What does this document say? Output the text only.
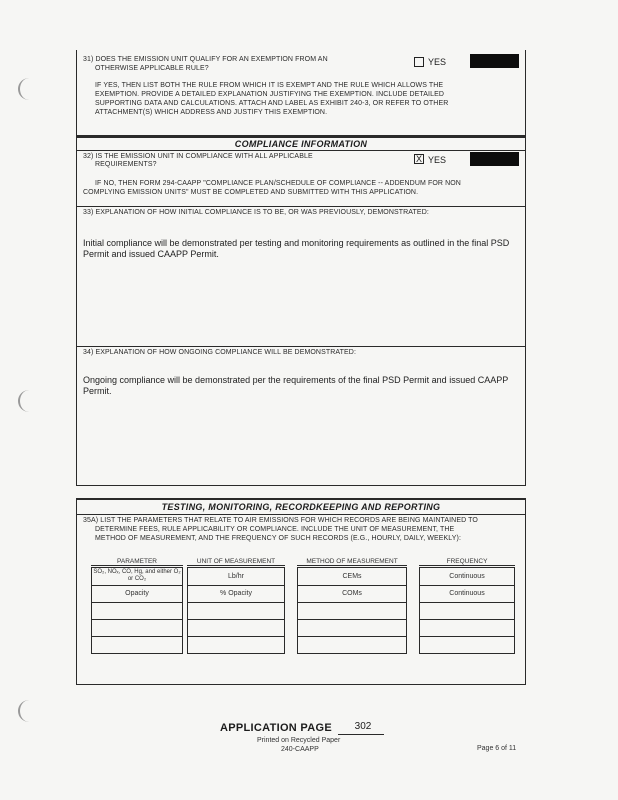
31) DOES THE EMISSION UNIT QUALIFY FOR AN EXEMPTION FROM AN
OTHERWISE APPLICABLE RULE?
YES
IF YES, THEN LIST BOTH THE RULE FROM WHICH IT IS EXEMPT AND THE RULE WHICH ALLOWS THE
EXEMPTION. PROVIDE A DETAILED EXPLANATION JUSTIFYING THE EXEMPTION. INCLUDE DETAILED
SUPPORTING DATA AND CALCULATIONS. ATTACH AND LABEL AS EXHIBIT 240-3, OR REFER TO OTHER
ATTACHMENT(S) WHICH ADDRESS AND JUSTIFY THIS EXEMPTION.
COMPLIANCE INFORMATION
32) IS THE EMISSION UNIT IN COMPLIANCE WITH ALL APPLICABLE
REQUIREMENTS?
X YES
IF NO, THEN FORM 294-CAAPP "COMPLIANCE PLAN/SCHEDULE OF COMPLIANCE -- ADDENDUM FOR NON
COMPLYING EMISSION UNITS" MUST BE COMPLETED AND SUBMITTED WITH THIS APPLICATION.
33) EXPLANATION OF HOW INITIAL COMPLIANCE IS TO BE, OR WAS PREVIOUSLY, DEMONSTRATED:
Initial compliance will be demonstrated per testing and monitoring requirements as outlined in the final PSD Permit and issued CAAPP Permit.
34) EXPLANATION OF HOW ONGOING COMPLIANCE WILL BE DEMONSTRATED:
Ongoing compliance will be demonstrated per the requirements of the final PSD Permit and issued CAAPP Permit.
TESTING, MONITORING, RECORDKEEPING AND REPORTING
35A) LIST THE PARAMETERS THAT RELATE TO AIR EMISSIONS FOR WHICH RECORDS ARE BEING MAINTAINED TO
DETERMINE FEES, RULE APPLICABILITY OR COMPLIANCE. INCLUDE THE UNIT OF MEASUREMENT, THE
METHOD OF MEASUREMENT, AND THE FREQUENCY OF SUCH RECORDS (E.G., HOURLY, DAILY, WEEKLY):
PARAMETER	UNIT OF MEASUREMENT	METHOD OF MEASUREMENT	FREQUENCY
SO₂, NOₓ, CO, Hg, and either O₂ or CO₂	Lb/hr	CEMs	Continuous
Opacity	% Opacity	COMs	Continuous
APPLICATION PAGE	302
Printed on Recycled Paper
240-CAAPP	Page 6 of 11
